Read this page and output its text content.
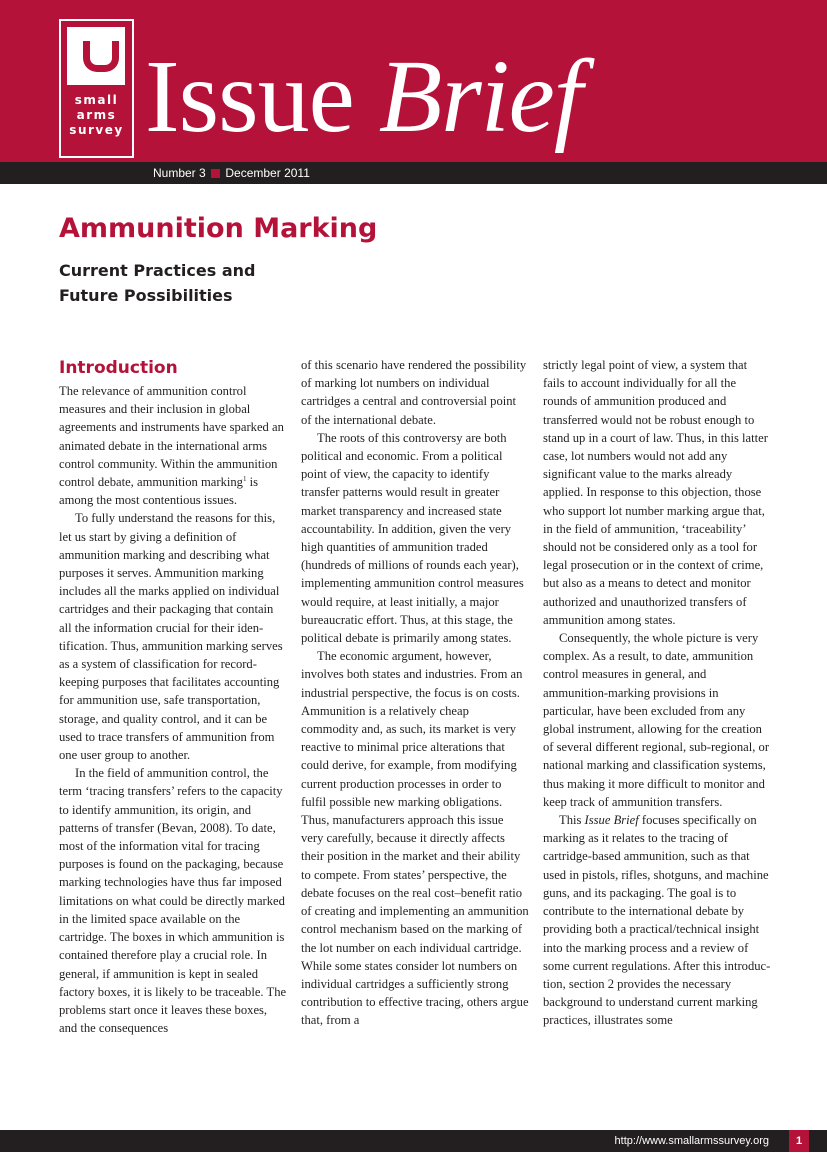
small
arms
survey Issue Brief
Number 3 December 2011
Ammunition Marking
Current Practices and
Future Possibilities
Introduction

The relevance of ammunition control measures and their inclusion in global agreements and instruments have sparked an animated debate in the international arms control community. Within the ammunition control debate, ammunition marking$^1$ is among the most contentious issues.

To fully understand the reasons for this, let us start by giving a definition of ammunition marking and describing what purposes it serves. Ammunition marking includes all the marks applied on individual cartridges and their packaging that contain all the information crucial for their identification. Thus, ammunition marking serves as a system of classification for record-keeping purposes that facilitates accounting for ammunition use, safe transportation, storage, and quality control, and it can be used to trace transfers of ammunition from one user group to another.

In the field of ammunition control, the term ‘tracing transfers’ refers to the capacity to identify ammunition, its origin, and patterns of transfer (Bevan, 2008). To date, most of the information vital for tracing purposes is found on the packaging, because marking technologies have thus far imposed limitations on what could be directly marked in the limited space available on the cartridge. The boxes in which ammunition is contained therefore play a crucial role. In general, if ammunition is kept in sealed factory boxes, it is likely to be traceable. The problems start once it leaves these boxes, and the consequences

of this scenario have rendered the possibility of marking lot numbers on individual cartridges a central and controversial point of the international debate.

The roots of this controversy are both political and economic. From a political point of view, the capacity to identify transfer patterns would result in greater market transparency and increased state accountability. In addition, given the very high quantities of ammunition traded (hundreds of millions of rounds each year), implementing ammunition control measures would require, at least initially, a major bureaucratic effort. Thus, at this stage, the political debate is primarily among states.

The economic argument, however, involves both states and industries. From an industrial perspective, the focus is on costs. Ammunition is a relatively cheap commodity and, as such, its market is very reactive to minimal price alterations that could derive, for example, from modifying current production processes in order to fulfil possible new marking obligations. Thus, manufacturers approach this issue very carefully, because it directly affects their position in the market and their ability to compete. From states’ perspective, the debate focuses on the real cost–benefit ratio of creating and implementing an ammunition control mechanism based on the marking of the lot number on each individual cartridge. While some states consider lot numbers on individual cartridges a sufficiently strong contribution to effective tracing, others argue that, from a

strictly legal point of view, a system that fails to account individually for all the rounds of ammunition produced and transferred would not be robust enough to stand up in a court of law. Thus, in this latter case, lot numbers would not add any significant value to the marks already applied. In response to this objection, those who support lot number marking argue that, in the field of ammunition, ‘traceability’ should not be considered only as a tool for legal prosecution or in the context of crime, but also as a means to detect and monitor authorized and unauthorized transfers of ammunition among states.

Consequently, the whole picture is very complex. As a result, to date, ammunition control measures in general, and ammunition-marking provisions in particular, have been excluded from any global instrument, allowing for the creation of several different regional, sub-regional, or national marking and classification systems, thus making it more difficult to monitor and keep track of ammunition transfers.

This Issue Brief focuses specifically on marking as it relates to the tracing of cartridge-based ammunition, such as that used in pistols, rifles, shotguns, and machine guns, and its packaging. The goal is to contribute to the international debate by providing both a practical/technical insight into the marking process and a review of some current regulations. After this introduction, section 2 provides the necessary background to understand current marking practices, illustrates some

http://www.smallarmssurvey.org	1
